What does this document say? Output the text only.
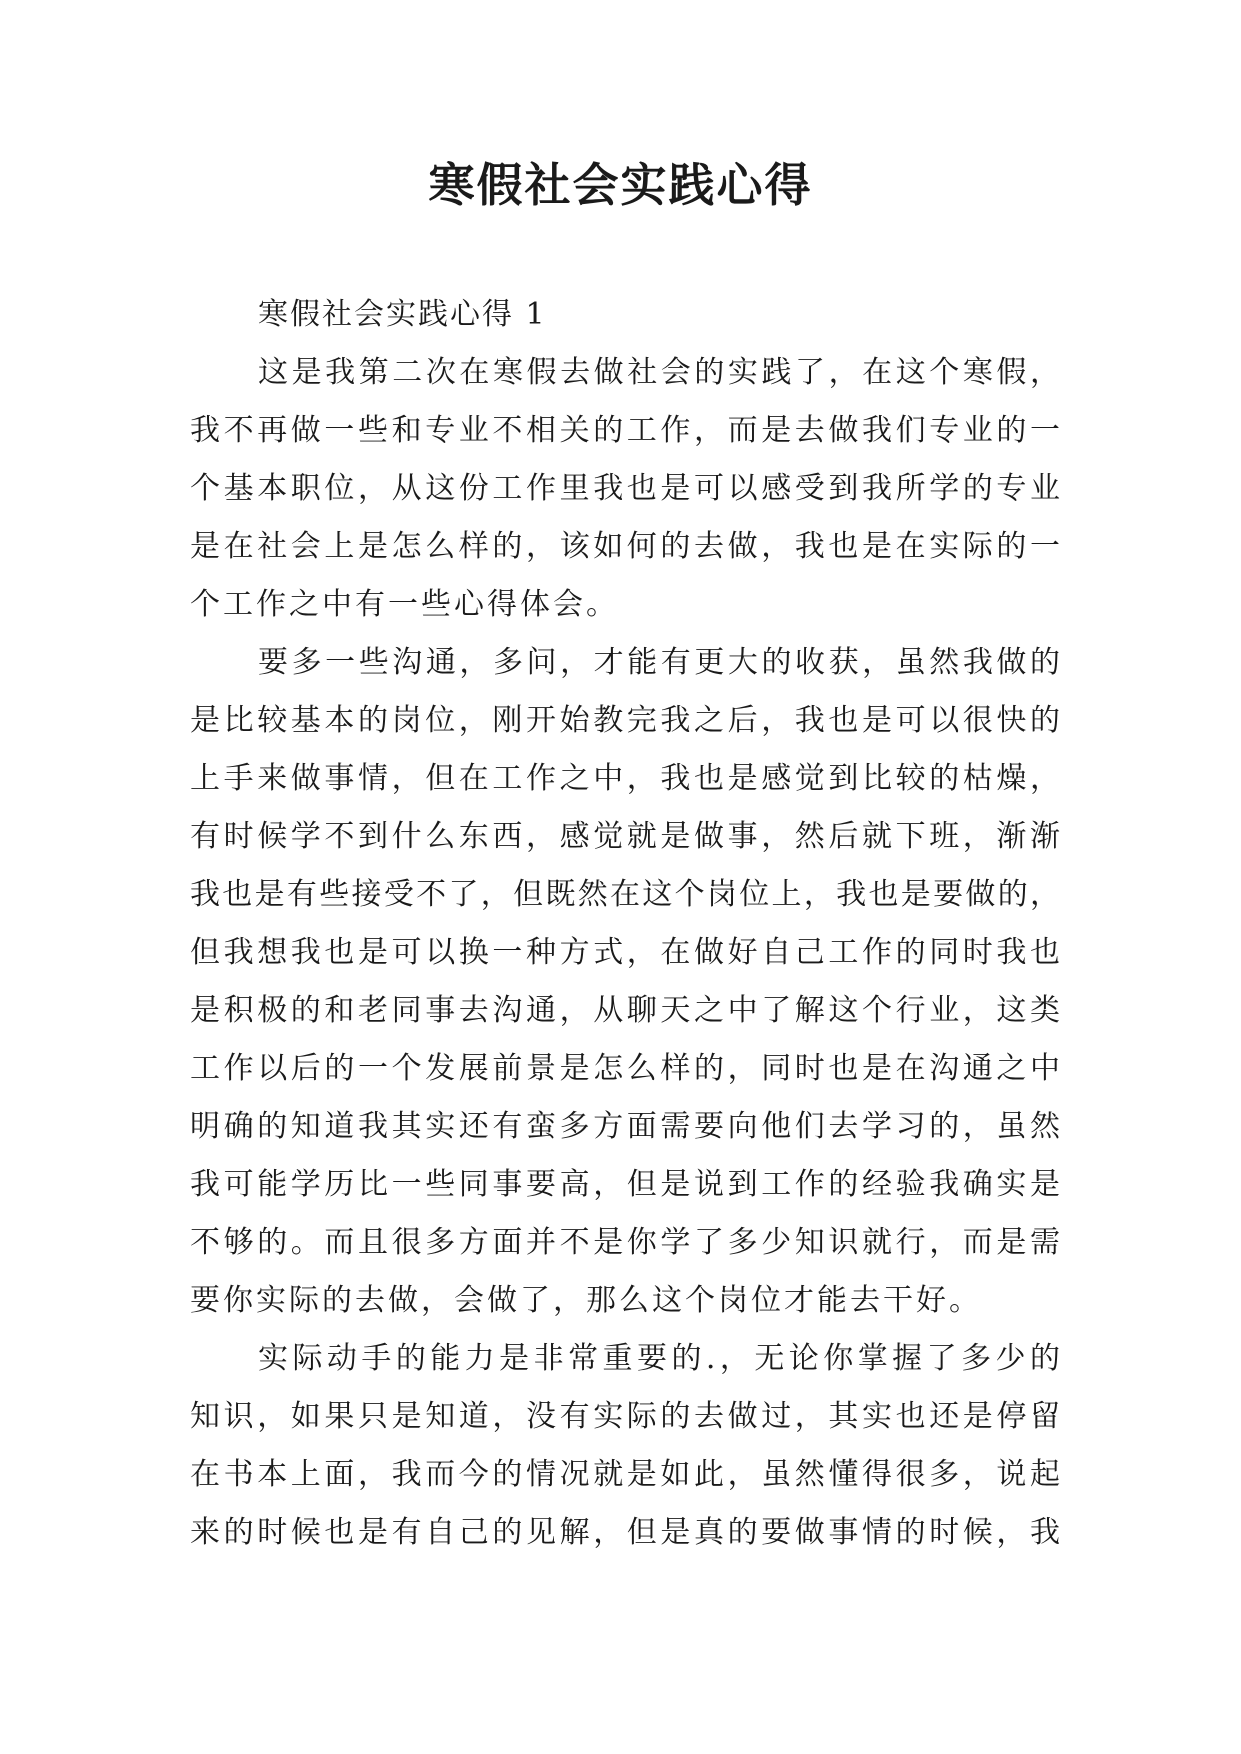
寒假社会实践心得

寒假社会实践心得 1

这是我第二次在寒假去做社会的实践了，在这个寒假，
我不再做一些和专业不相关的工作，而是去做我们专业的一
个基本职位，从这份工作里我也是可以感受到我所学的专业
是在社会上是怎么样的，该如何的去做，我也是在实际的一
个工作之中有一些心得体会。
要多一些沟通，多问，才能有更大的收获，虽然我做的
是比较基本的岗位，刚开始教完我之后，我也是可以很快的
上手来做事情，但在工作之中，我也是感觉到比较的枯燥，
有时候学不到什么东西，感觉就是做事，然后就下班，渐渐
我也是有些接受不了，但既然在这个岗位上，我也是要做的，
但我想我也是可以换一种方式，在做好自己工作的同时我也
是积极的和老同事去沟通，从聊天之中了解这个行业，这类
工作以后的一个发展前景是怎么样的，同时也是在沟通之中
明确的知道我其实还有蛮多方面需要向他们去学习的，虽然
我可能学历比一些同事要高，但是说到工作的经验我确实是
不够的。而且很多方面并不是你学了多少知识就行，而是需
要你实际的去做，会做了，那么这个岗位才能去干好。
实际动手的能力是非常重要的.，无论你掌握了多少的
知识，如果只是知道，没有实际的去做过，其实也还是停留
在书本上面，我而今的情况就是如此，虽然懂得很多，说起
来的时候也是有自己的见解，但是真的要做事情的时候，我
